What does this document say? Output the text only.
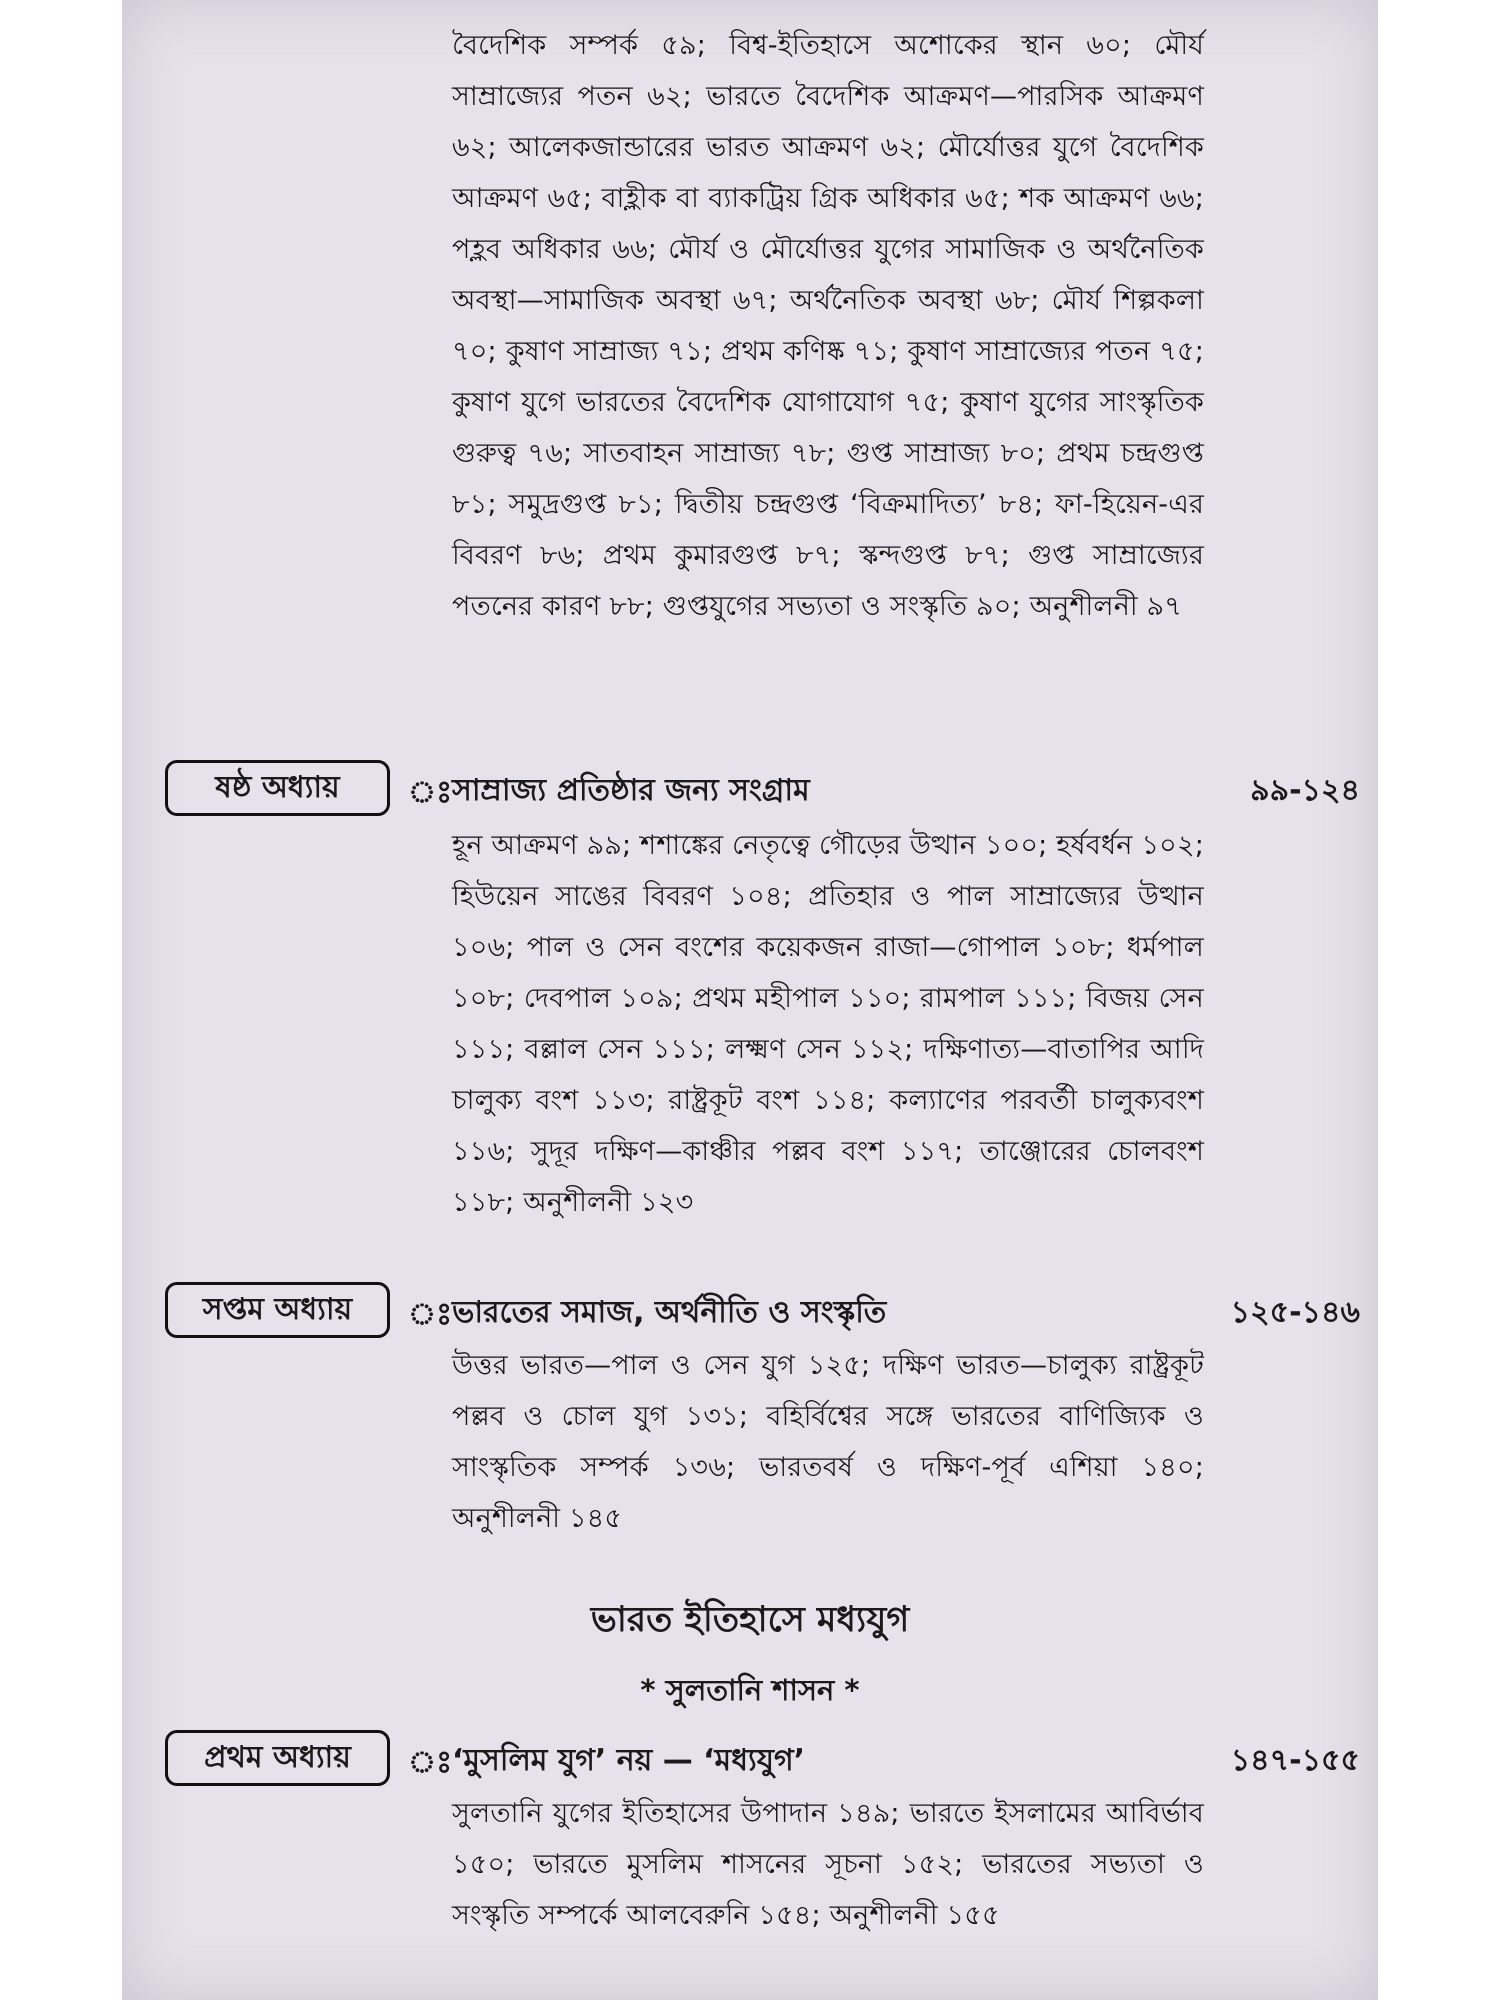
বৈদেশিক সম্পর্ক ৫৯; বিশ্ব-ইতিহাসে অশোকের স্থান ৬০; মৌর্য সাম্রাজ্যের পতন ৬২; ভারতে বৈদেশিক আক্রমণ—পারসিক আক্রমণ ৬২; আলেকজান্ডারের ভারত আক্রমণ ৬২; মৌর্যোত্তর যুগে বৈদেশিক আক্রমণ ৬৫; বাহ্লীক বা ব্যাকট্রিয় গ্রিক অধিকার ৬৫; শক আক্রমণ ৬৬; পহ্লব অধিকার ৬৬; মৌর্য ও মৌর্যোত্তর যুগের সামাজিক ও অর্থনৈতিক অবস্থা—সামাজিক অবস্থা ৬৭; অর্থনৈতিক অবস্থা ৬৮; মৌর্য শিল্পকলা ৭০; কুষাণ সাম্রাজ্য ৭১; প্রথম কণিষ্ক ৭১; কুষাণ সাম্রাজ্যের পতন ৭৫; কুষাণ যুগে ভারতের বৈদেশিক যোগাযোগ ৭৫; কুষাণ যুগের সাংস্কৃতিক গুরুত্ব ৭৬; সাতবাহন সাম্রাজ্য ৭৮; গুপ্ত সাম্রাজ্য ৮০; প্রথম চন্দ্রগুপ্ত ৮১; সমুদ্রগুপ্ত ৮১; দ্বিতীয় চন্দ্রগুপ্ত ‘বিক্রমাদিত্য’ ৮৪; ফা-হিয়েন-এর বিবরণ ৮৬; প্রথম কুমারগুপ্ত ৮৭; স্কন্দগুপ্ত ৮৭; গুপ্ত সাম্রাজ্যের পতনের কারণ ৮৮; গুপ্তযুগের সভ্যতা ও সংস্কৃতি ৯০; অনুশীলনী ৯৭
ষষ্ঠ অধ্যায়	ঃ সাম্রাজ্য প্রতিষ্ঠার জন্য সংগ্রাম	৯৯-১২৪
হূন আক্রমণ ৯৯; শশাঙ্কের নেতৃত্বে গৌড়ের উত্থান ১০০; হর্ষবর্ধন ১০২; হিউয়েন সাঙের বিবরণ ১০৪; প্রতিহার ও পাল সাম্রাজ্যের উত্থান ১০৬; পাল ও সেন বংশের কয়েকজন রাজা—গোপাল ১০৮; ধর্মপাল ১০৮; দেবপাল ১০৯; প্রথম মহীপাল ১১০; রামপাল ১১১; বিজয় সেন ১১১; বল্লাল সেন ১১১; লক্ষ্মণ সেন ১১২; দক্ষিণাত্য—বাতাপির আদি চালুক্য বংশ ১১৩; রাষ্ট্রকূট বংশ ১১৪; কল্যাণের পরবর্তী চালুক্যবংশ ১১৬; সুদূর দক্ষিণ—কাঞ্চীর পল্লব বংশ ১১৭; তাঞ্জোরের চোলবংশ ১১৮; অনুশীলনী ১২৩
সপ্তম অধ্যায়	ঃ ভারতের সমাজ, অর্থনীতি ও সংস্কৃতি	১২৫-১৪৬
উত্তর ভারত—পাল ও সেন যুগ ১২৫; দক্ষিণ ভারত—চালুক্য রাষ্ট্রকূট পল্লব ও চোল যুগ ১৩১; বহির্বিশ্বের সঙ্গে ভারতের বাণিজ্যিক ও সাংস্কৃতিক সম্পর্ক ১৩৬; ভারতবর্ষ ও দক্ষিণ-পূর্ব এশিয়া ১৪০; অনুশীলনী ১৪৫
ভারত ইতিহাসে মধ্যযুগ
* সুলতানি শাসন *
প্রথম অধ্যায়	ঃ ‘মুসলিম যুগ’ নয় — ‘মধ্যযুগ’	১৪৭-১৫৫
সুলতানি যুগের ইতিহাসের উপাদান ১৪৯; ভারতে ইসলামের আবির্ভাব ১৫০; ভারতে মুসলিম শাসনের সূচনা ১৫২; ভারতের সভ্যতা ও সংস্কৃতি সম্পর্কে আলবেরুনি ১৫৪; অনুশীলনী ১৫৫
